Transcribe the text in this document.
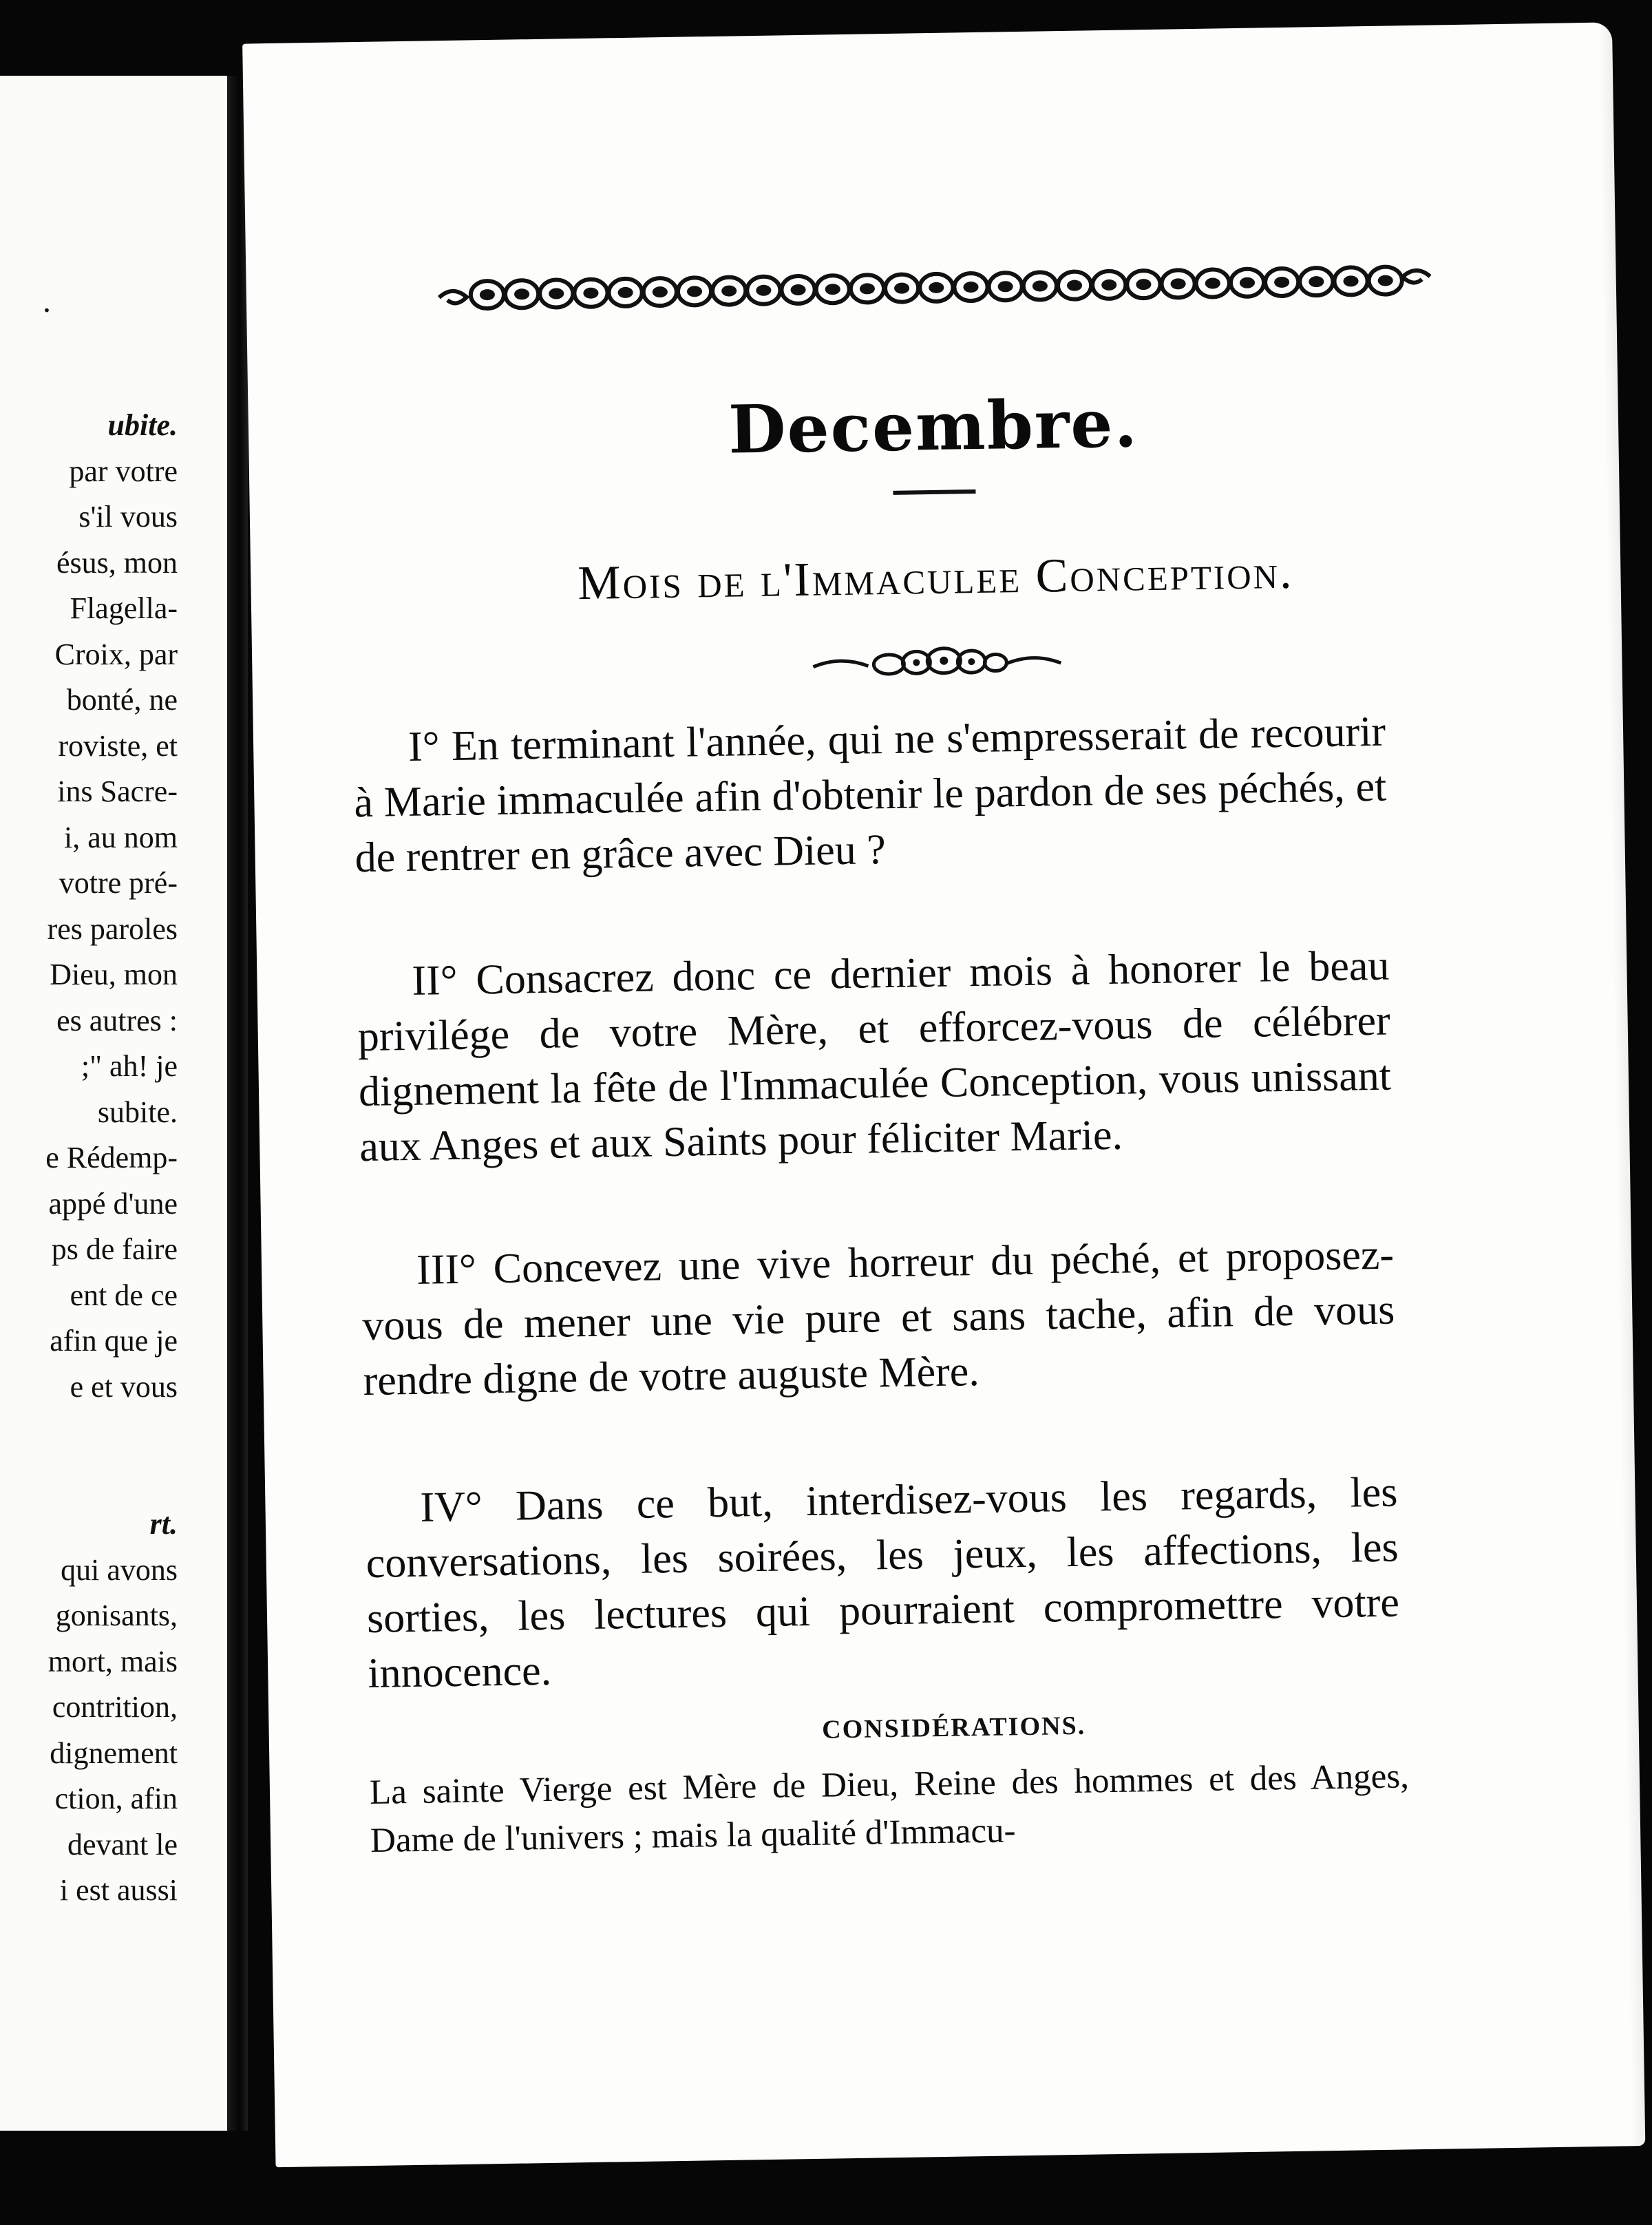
.
ubite.
par votre
s'il vous
ésus, mon
Flagella-
Croix, par
bonté, ne
roviste, et
ins Sacre-
i, au nom
votre pré-
res paroles
Dieu, mon
es autres :
;" ah! je
subite.
e Rédemp-
appé d'une
ps de faire
ent de ce
afin que je
e et vous
rt.
qui avons
gonisants,
mort, mais
contrition,
dignement
ction, afin
devant le
i est aussi
Decembre.
Mois de l'Immaculee Conception.

I° En terminant l'année, qui ne s'empresserait de recourir à Marie immaculée afin d'obtenir le pardon de ses péchés, et de rentrer en grâce avec Dieu ?

II° Consacrez donc ce dernier mois à honorer le beau privilége de votre Mère, et efforcez-vous de célébrer dignement la fête de l'Immaculée Conception, vous unissant aux Anges et aux Saints pour féliciter Marie.

III° Concevez une vive horreur du péché, et proposez-vous de mener une vie pure et sans tache, afin de vous rendre digne de votre auguste Mère.

IV° Dans ce but, interdisez-vous les regards, les conversations, les soirées, les jeux, les affections, les sorties, les lectures qui pourraient compromettre votre innocence.

CONSIDÉRATIONS.

La sainte Vierge est Mère de Dieu, Reine des hommes et des Anges, Dame de l'univers ; mais la qualité d'Immacu-
